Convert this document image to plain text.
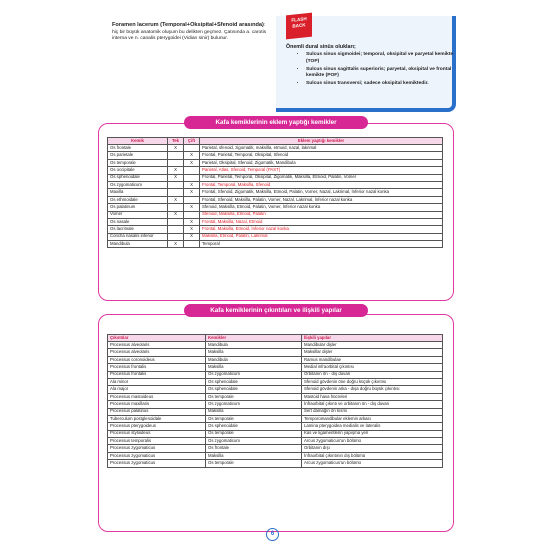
Foramen lacerum (Temporal+Oksipital+Sfenoid arasında): hiç bir büyük anatomik oluşum bu delikten geçmez. Çatısında a. carotis interna ve n. canalis pterygoidei (Vidian sinir) bulunur.
FLASH BACK
Önemli dural sinüs olukları;
• Sulcus sinus sigmoidei; temporal, oksipital ve paryetal kemikte (TOP)
• Sulcus sinus sagittalis superioris; paryetal, oksipital ve frontal kemikte (POF)
• Sulcus sinus transversi; sadece oksipital kemiktedir.
Kafa kemiklerinin eklem yaptığı kemikler
Kemik	Tek	Çift	Eklem yaptığı kemikler
Os frontale	X		Parietal, sfenoid, zigomatik, maksilla, etmoid, nazal, lakrimal
Os parietale		X	Frontal, Parietal, Temporal, Oksipital, Sfenoid
Os temporale		X	Parietal, Oksipital, Sfenoid, Zigomatik, Mandibula
Os occipitale	X		Parietal, Atlas, Sfenoid, Temporal (PAST)
Os sphenoidale	X		Frontal, Parietal, Temporal, Oksipital, Zigomatik, Maksilla, Etmoid, Palatin, Vomer
Os zygomaticum		X	Frontal, Temporal, Maksilla, Sfenoid
Maxilla		X	Frontal, Sfenoid, Zigomatik, Maksilla, Etmoid, Palatin, Vomer, Nazal, Lakrimal, İnferior nazal konka
Os ethmoidale	X		Frontal, Sfenoid, Maksilla, Palatin, Vomer, Nazal, Lakrimal, İnferior nazal konka
Os palatinum		X	Sfenoid, Maksilla, Etmoid, Palatin, Vomer, İnferior nazal konka
Vomer	X		Sfenoid, Maksilla, Etmoid, Palatin
Os nasale		X	Frontal, Maksilla, Nazal, Etmoid
Os lacrimale		X	Frontal, Maksilla, Etmoid, İnferior nazal konka
Concha nasalis inferior		X	Maksilla, Etmoid, Palatin, Lakrimal
Mandibula	X		Temporal
Kafa kemiklerinin çıkıntıları ve ilişkili yapılar
Çıkıntılar	Kemikler	İlişkili yapılar
Processus alveolaris	Mandibula	Mandibular dişler
Processus alveolaris	Maksilla	Maksillar dişler
Processus coronoideus	Mandibula	Ramus mandibulae
Processus frontalis	Maksilla	Medial infraorbital çıkıntısı
Processus frontalis	Os zygomaticum	Orbitanın ön - dış duvarı
Ala minor	Os sphenoidale	Sfenoid gövdenin öne doğru küçük çıkıntısı
Ala major	Os sphenoidale	Sfenoid gövdenin arka - dışa doğru büyük çıkıntısı
Processus mastoideus	Os temporale	Mastoid hava hücreleri
Processus maxillaris	Os zygomaticum	İnfraorbital çıkıntı ve orbitanın ön - dış duvarı
Processus palatinus	Maksilla	Sert damağın ön kısmı
Tuberculum postglenoidale	Os temporale	Temporomandibular eklemin arkası
Processus pterygoideus	Os sphenoidale	Lamina pterygoidea medialis ve lateralis
Processus styloideus	Os temporale	Kas ve ligamentlerin yapışma yeri
Processus temporalis	Os zygomaticum	Arcus zygomaticus'un bölümü
Processus zygomaticus	Os frontale	Orbitanın dışı
Processus zygomaticus	Maksilla	İnfraorbital çıkıntının dış bölümü
Processus zygomaticus	Os temporale	Arcus zygomaticus'un bölümü
6
